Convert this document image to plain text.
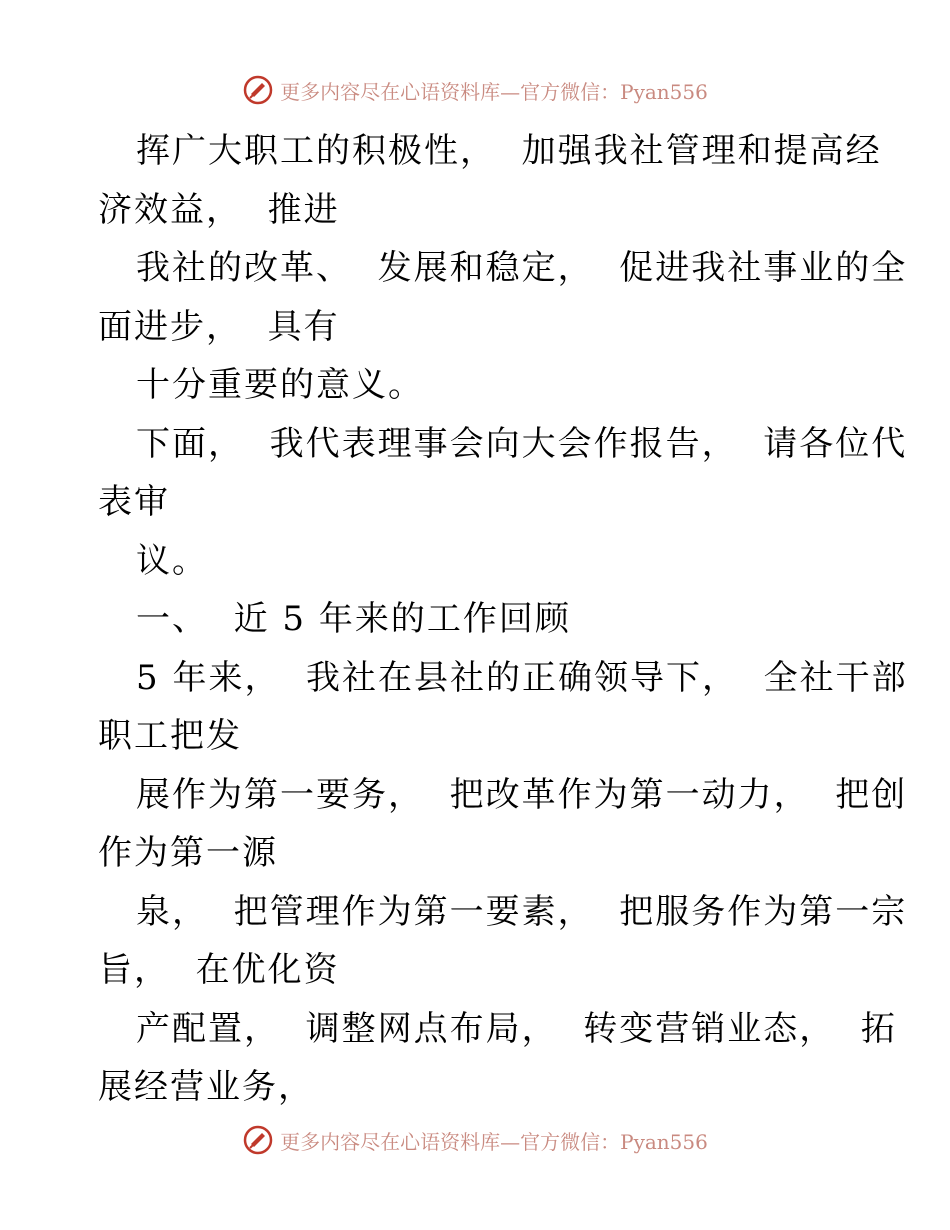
更多内容尽在心语资料库—官方微信：Pyan556
挥广大职工的积极性，  加强我社管理和提高经
济效益，  推进
我社的改革、  发展和稳定，  促进我社事业的全
面进步，  具有
十分重要的意义。
下面，  我代表理事会向大会作报告，  请各位代
表审
议。
一、  近 5 年来的工作回顾
5 年来，  我社在县社的正确领导下，  全社干部
职工把发
展作为第一要务，  把改革作为第一动力，  把创
作为第一源
泉，  把管理作为第一要素，  把服务作为第一宗
旨，  在优化资
产配置，  调整网点布局，  转变营销业态，  拓
展经营业务，
更多内容尽在心语资料库—官方微信：Pyan556
